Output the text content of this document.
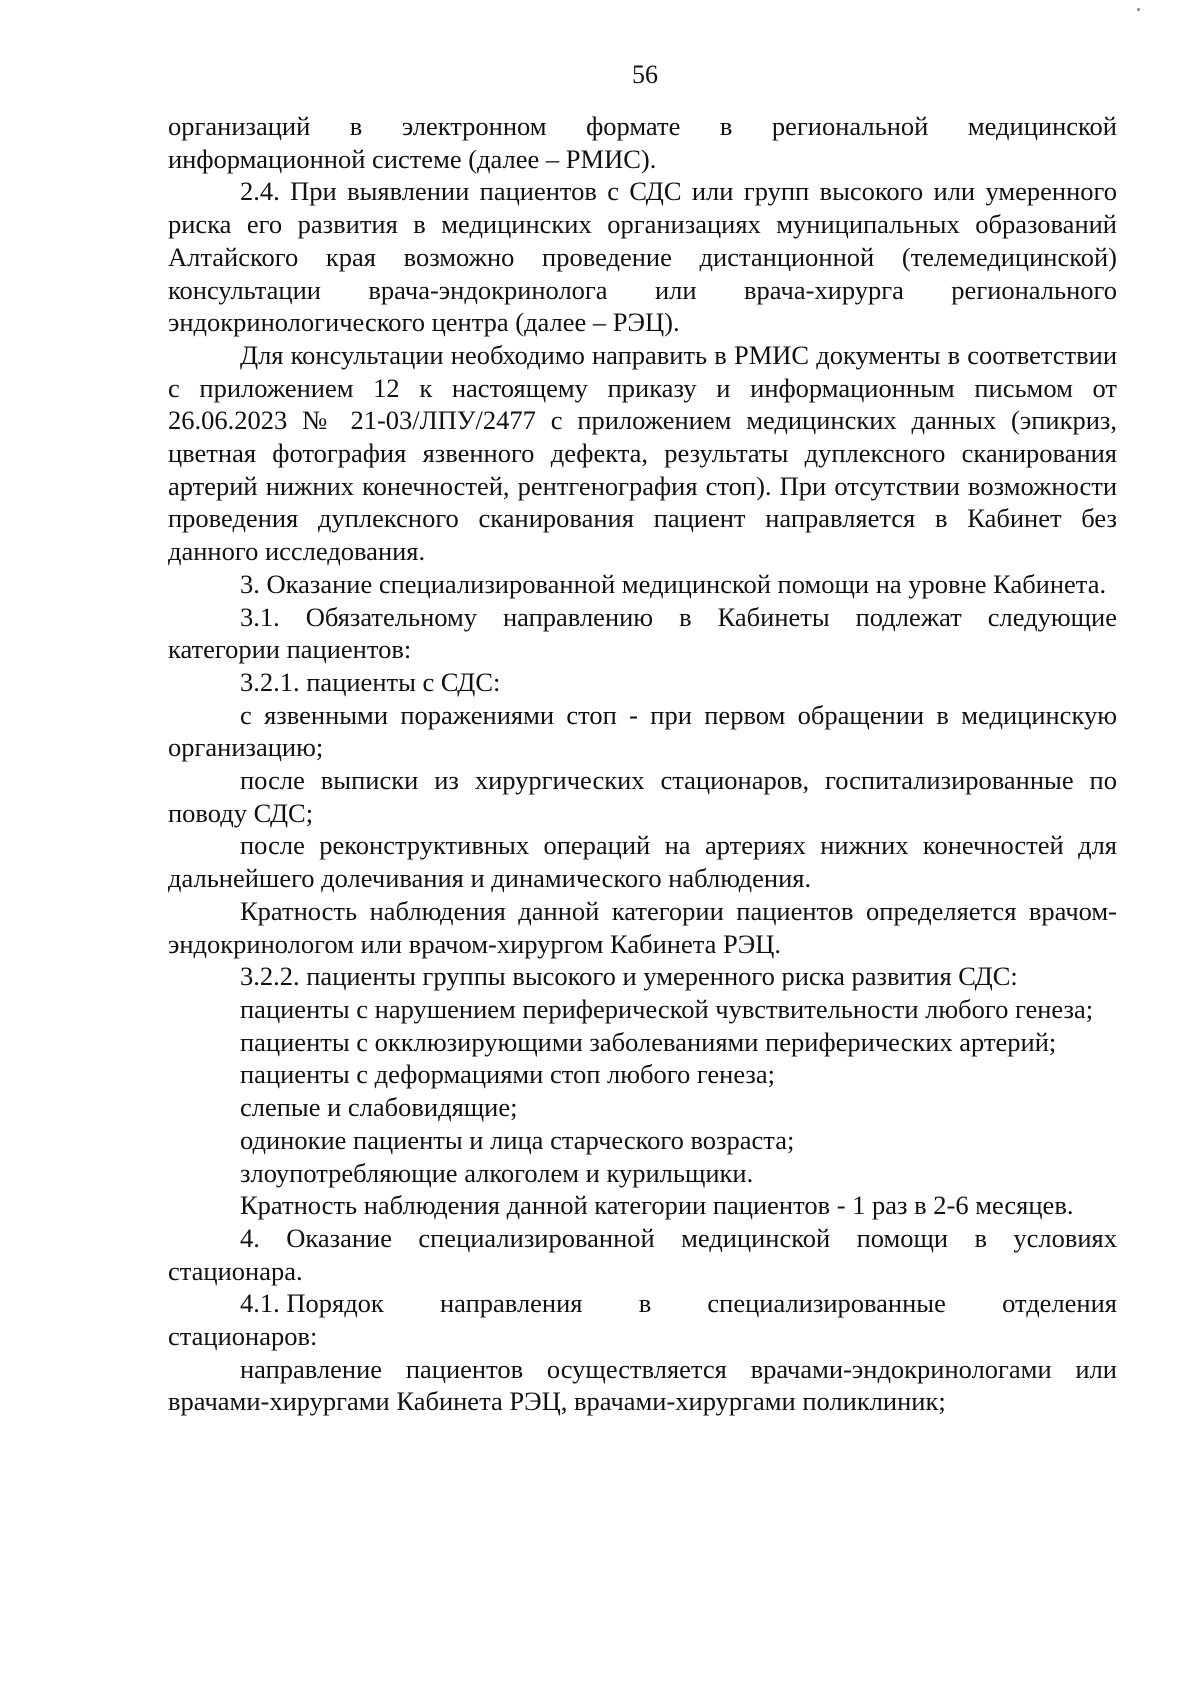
56

организаций в электронном формате в региональной медицинской информационной системе (далее – РМИС).

2.4. При выявлении пациентов с СДС или групп высокого или умеренного риска его развития в медицинских организациях муниципальных образований Алтайского края возможно проведение дистанционной (телемедицинской) консультации врача-эндокринолога или врача-хирурга регионального эндокринологического центра (далее – РЭЦ).

Для консультации необходимо направить в РМИС документы в соответствии с приложением 12 к настоящему приказу и информационным письмом от 26.06.2023 № 21-03/ЛПУ/2477 с приложением медицинских данных (эпикриз, цветная фотография язвенного дефекта, результаты дуплексного сканирования артерий нижних конечностей, рентгенография стоп). При отсутствии возможности проведения дуплексного сканирования пациент направляется в Кабинет без данного исследования.

3. Оказание специализированной медицинской помощи на уровне Кабинета.

3.1. Обязательному направлению в Кабинеты подлежат следующие категории пациентов:

3.2.1. пациенты с СДС:

с язвенными поражениями стоп - при первом обращении в медицинскую организацию;

после выписки из хирургических стационаров, госпитализированные по поводу СДС;

после реконструктивных операций на артериях нижних конечностей для дальнейшего долечивания и динамического наблюдения.

Кратность наблюдения данной категории пациентов определяется врачом-эндокринологом или врачом-хирургом Кабинета РЭЦ.

3.2.2. пациенты группы высокого и умеренного риска развития СДС:

пациенты с нарушением периферической чувствительности любого генеза;

пациенты с окклюзирующими заболеваниями периферических артерий;

пациенты с деформациями стоп любого генеза;

слепые и слабовидящие;

одинокие пациенты и лица старческого возраста;

злоупотребляющие алкоголем и курильщики.

Кратность наблюдения данной категории пациентов - 1 раз в 2-6 месяцев.

4. Оказание специализированной медицинской помощи в условиях стационара.

4.1. Порядок направления в специализированные отделения
стационаров:

направление пациентов осуществляется врачами-эндокринологами или врачами-хирургами Кабинета РЭЦ, врачами-хирургами поликлиник;
